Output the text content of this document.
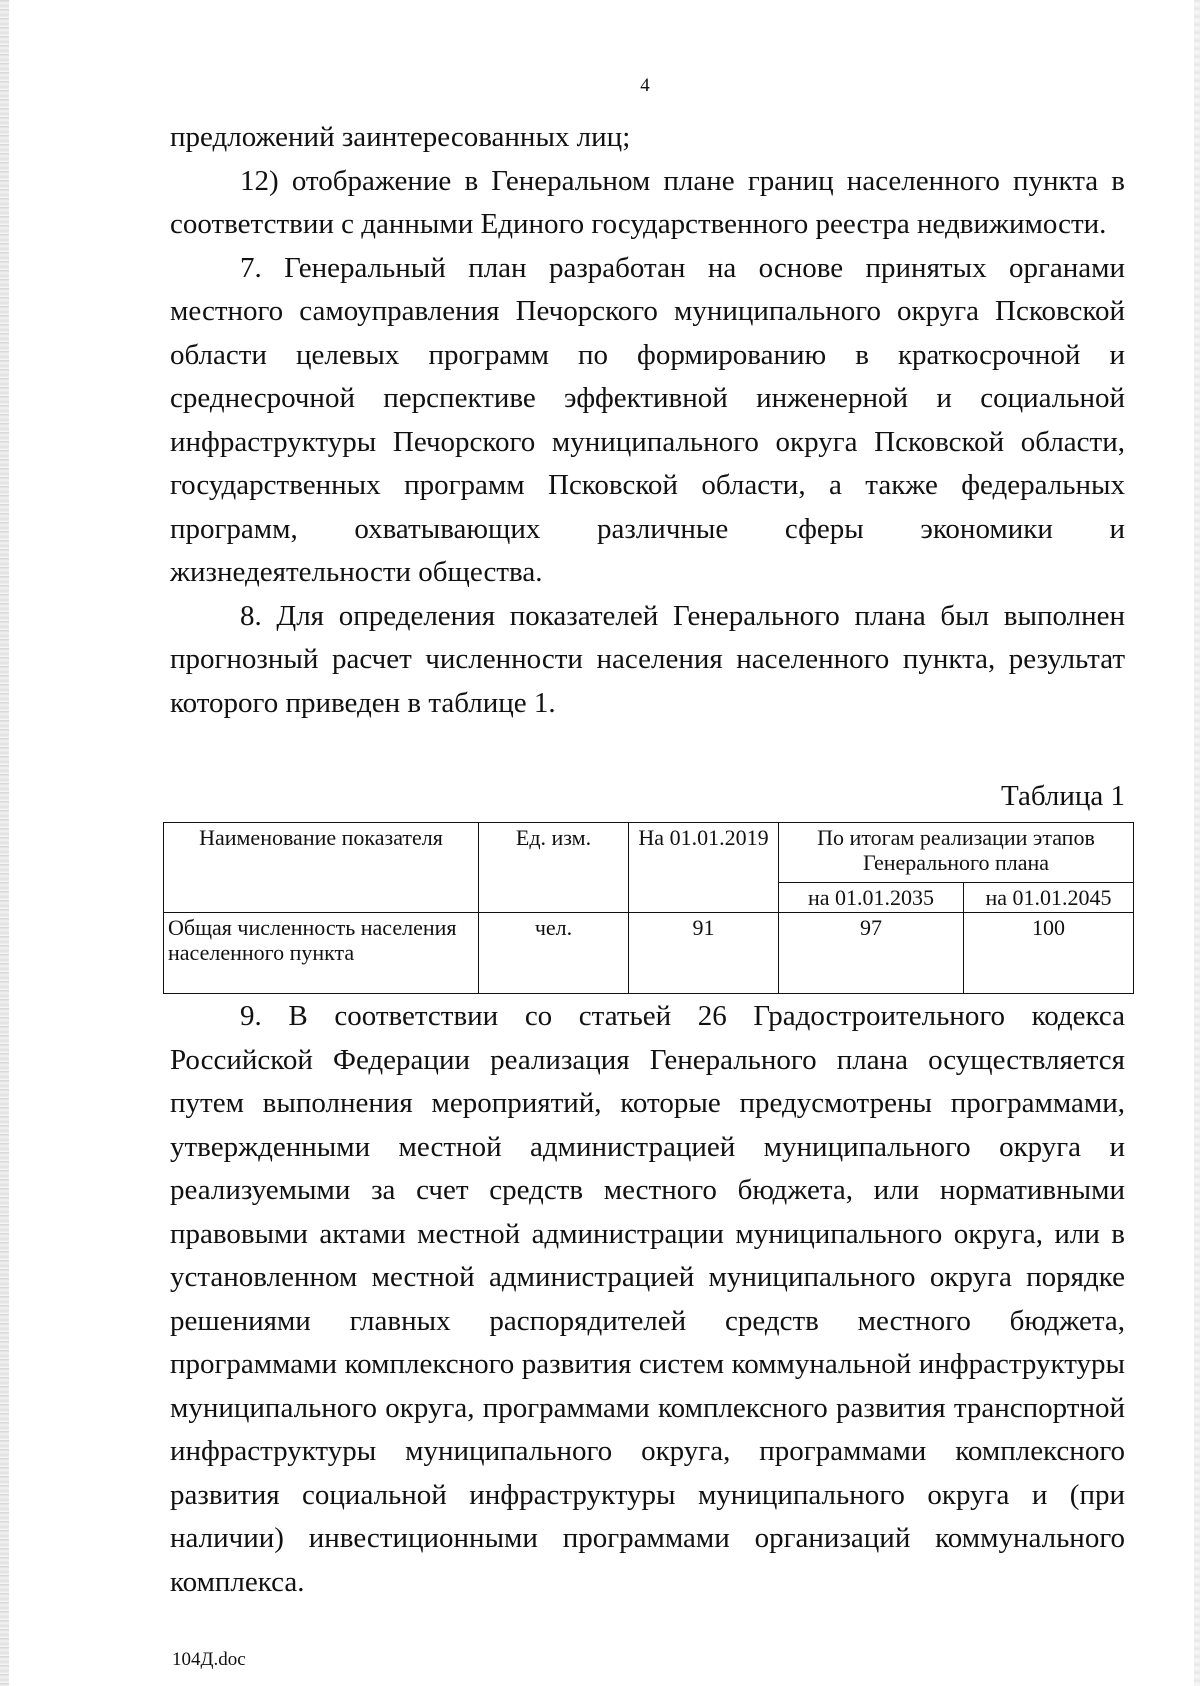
4

предложений заинтересованных лиц;

12) отображение в Генеральном плане границ населенного пункта в соответствии с данными Единого государственного реестра недвижимости.

7. Генеральный план разработан на основе принятых органами местного самоуправления Печорского муниципального округа Псковской области целевых программ по формированию в краткосрочной и среднесрочной перспективе эффективной инженерной и социальной инфраструктуры Печорского муниципального округа Псковской области, государственных программ Псковской области, а также федеральных программ, охватывающих различные сферы экономики и жизнедеятельности общества.

8. Для определения показателей Генерального плана был выполнен прогнозный расчет численности населения населенного пункта, результат которого приведен в таблице 1.

Таблица 1
Наименование показателя	Ед. изм.	На 01.01.2019	По итогам реализации этапов Генерального плана	
			на 01.01.2035	на 01.01.2045
Общая численность населения населенного пункта	чел.	91	97	100

9. В соответствии со статьей 26 Градостроительного кодекса Российской Федерации реализация Генерального плана осуществляется путем выполнения мероприятий, которые предусмотрены программами, утвержденными местной администрацией муниципального округа и реализуемыми за счет средств местного бюджета, или нормативными правовыми актами местной администрации муниципального округа, или в установленном местной администрацией муниципального округа порядке решениями главных распорядителей средств местного бюджета, программами комплексного развития систем коммунальной инфраструктуры муниципального округа, программами комплексного развития транспортной инфраструктуры муниципального округа, программами комплексного развития социальной инфраструктуры муниципального округа и (при наличии) инвестиционными программами организаций коммунального комплекса.

104Д.doc
